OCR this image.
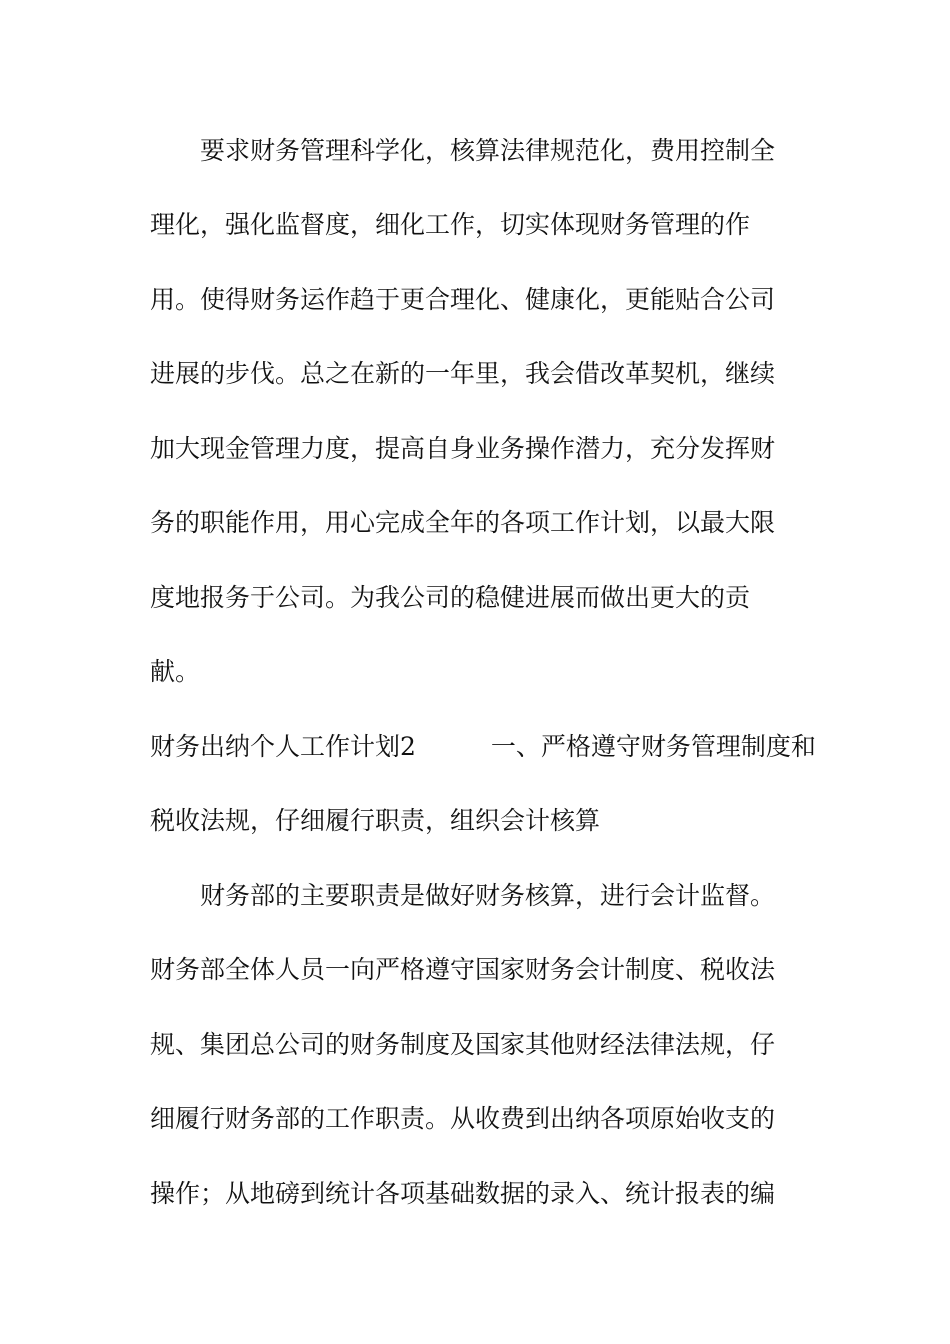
要求财务管理科学化，核算法律规范化，费用控制全

理化，强化监督度，细化工作，切实体现财务管理的作

用。使得财务运作趋于更合理化、健康化，更能贴合公司

进展的步伐。总之在新的一年里，我会借改革契机，继续

加大现金管理力度，提高自身业务操作潜力，充分发挥财

务的职能作用，用心完成全年的各项工作计划，以最大限

度地报务于公司。为我公司的稳健进展而做出更大的贡

献。

财务出纳个人工作计划2　　　一、严格遵守财务管理制度和

税收法规，仔细履行职责，组织会计核算

财务部的主要职责是做好财务核算，进行会计监督。

财务部全体人员一向严格遵守国家财务会计制度、税收法

规、集团总公司的财务制度及国家其他财经法律法规，仔

细履行财务部的工作职责。从收费到出纳各项原始收支的

操作；从地磅到统计各项基础数据的录入、统计报表的编
